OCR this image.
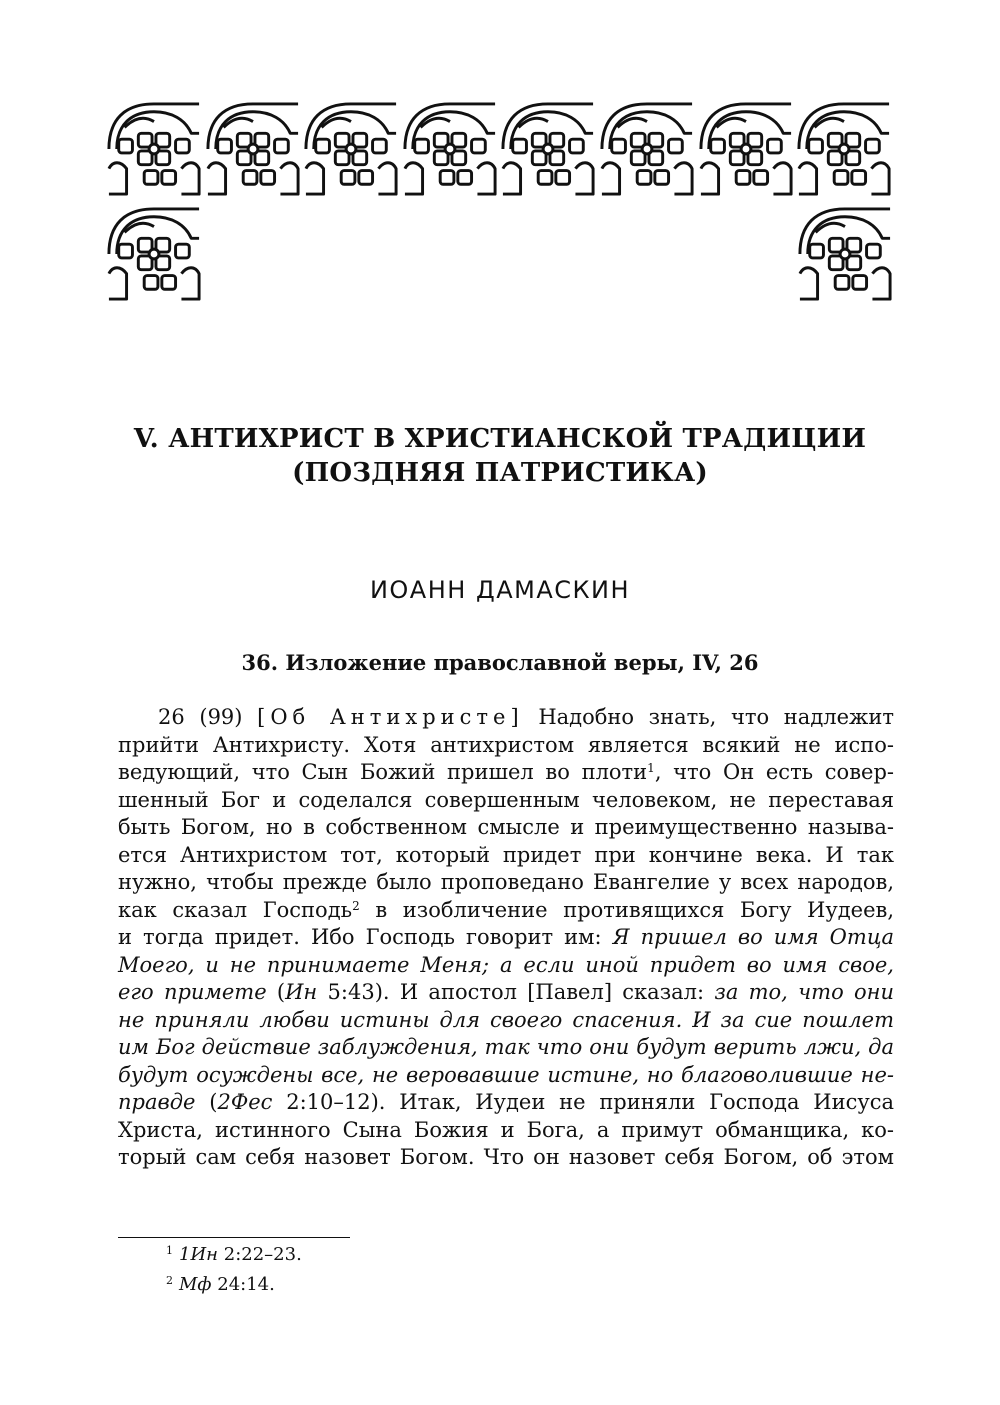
V. АНТИХРИСТ В ХРИСТИАНСКОЙ ТРАДИЦИИ
(ПОЗДНЯЯ ПАТРИСТИКА)
ИОАНН ДАМАСКИН
36. Изложение православной веры, IV, 26
26 (99) [Об Антихристе] Надобно знать, что надлежит
прийти Антихристу. Хотя антихристом является всякий не испо-
ведующий, что Сын Божий пришел во плоти$^1$, что Он есть совер-
шенный Бог и соделался совершенным человеком, не переставая
быть Богом, но в собственном смысле и преимущественно называ-
ется Антихристом тот, который придет при кончине века. И так
нужно, чтобы прежде было проповедано Евангелие у всех народов,
как сказал Господь$^2$ в изобличение противящихся Богу Иудеев,
и тогда придет. Ибо Господь говорит им: Я пришел во имя Отца
Моего, и не принимаете Меня; а если иной придет во имя свое,
его примете (Ин 5:43). И апостол [Павел] сказал: за то, что они
не приняли любви истины для своего спасения. И за сие пошлет
им Бог действие заблуждения, так что они будут верить лжи, да
будут осуждены все, не веровавшие истине, но благоволившие не-
правде (2Фес 2:10–12). Итак, Иудеи не приняли Господа Иисуса
Христа, истинного Сына Божия и Бога, а примут обманщика, ко-
торый сам себя назовет Богом. Что он назовет себя Богом, об этом
$^1$ 1Ин 2:22–23.
$^2$ Мф 24:14.
